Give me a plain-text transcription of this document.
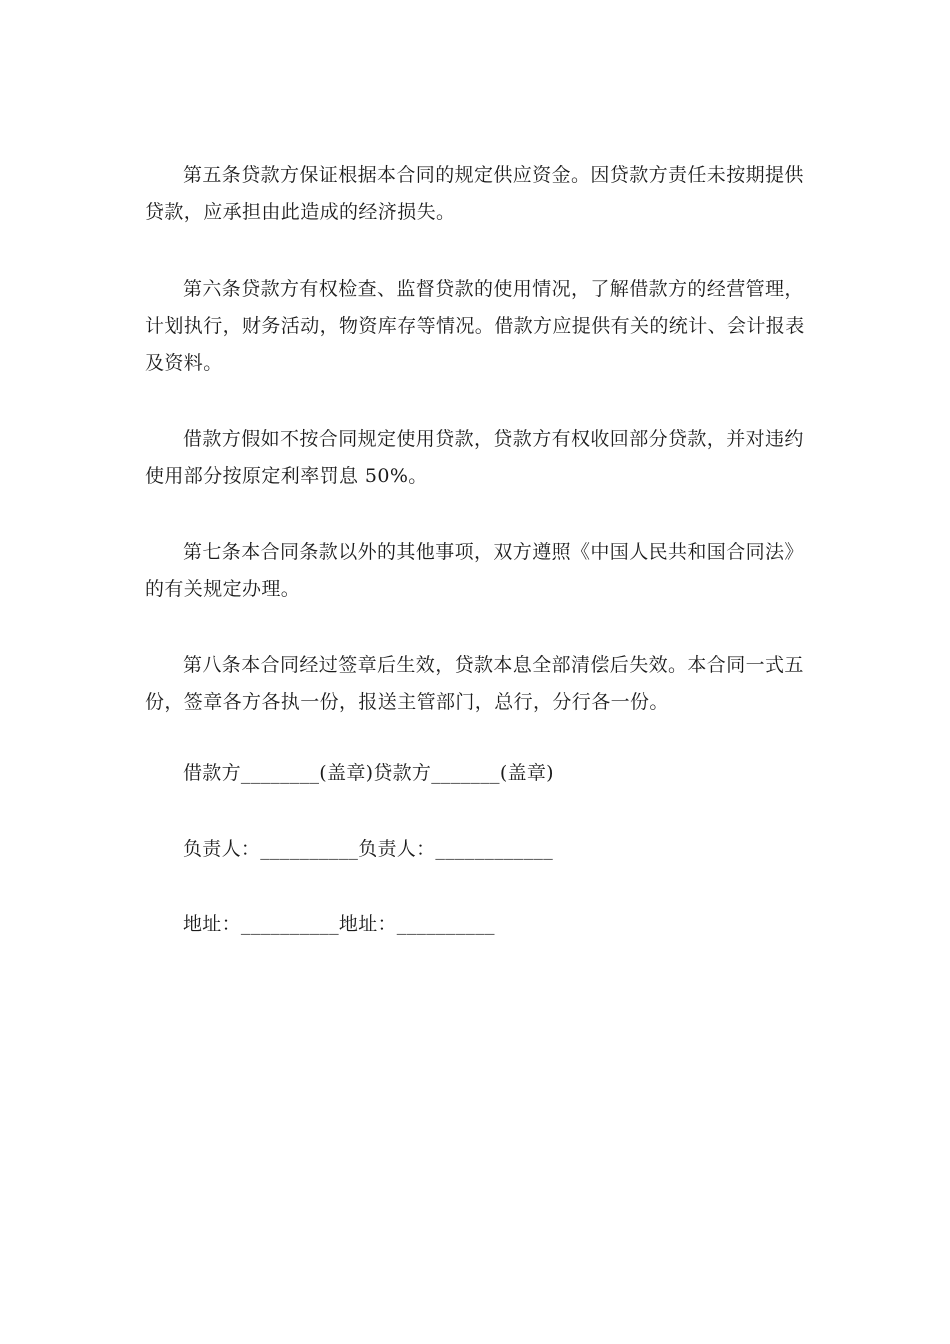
第五条贷款方保证根据本合同的规定供应资金。因贷款方责任未按期提供贷款，应承担由此造成的经济损失。

第六条贷款方有权检查、监督贷款的使用情况，了解借款方的经营管理，计划执行，财务活动，物资库存等情况。借款方应提供有关的统计、会计报表及资料。

借款方假如不按合同规定使用贷款，贷款方有权收回部分贷款，并对违约使用部分按原定利率罚息 50%。

第七条本合同条款以外的其他事项，双方遵照《中国人民共和国合同法》的有关规定办理。

第八条本合同经过签章后生效，贷款本息全部清偿后失效。本合同一式五份，签章各方各执一份，报送主管部门，总行，分行各一份。

借款方________(盖章)贷款方_______(盖章)

负责人：__________负责人：____________

地址：__________地址：__________
